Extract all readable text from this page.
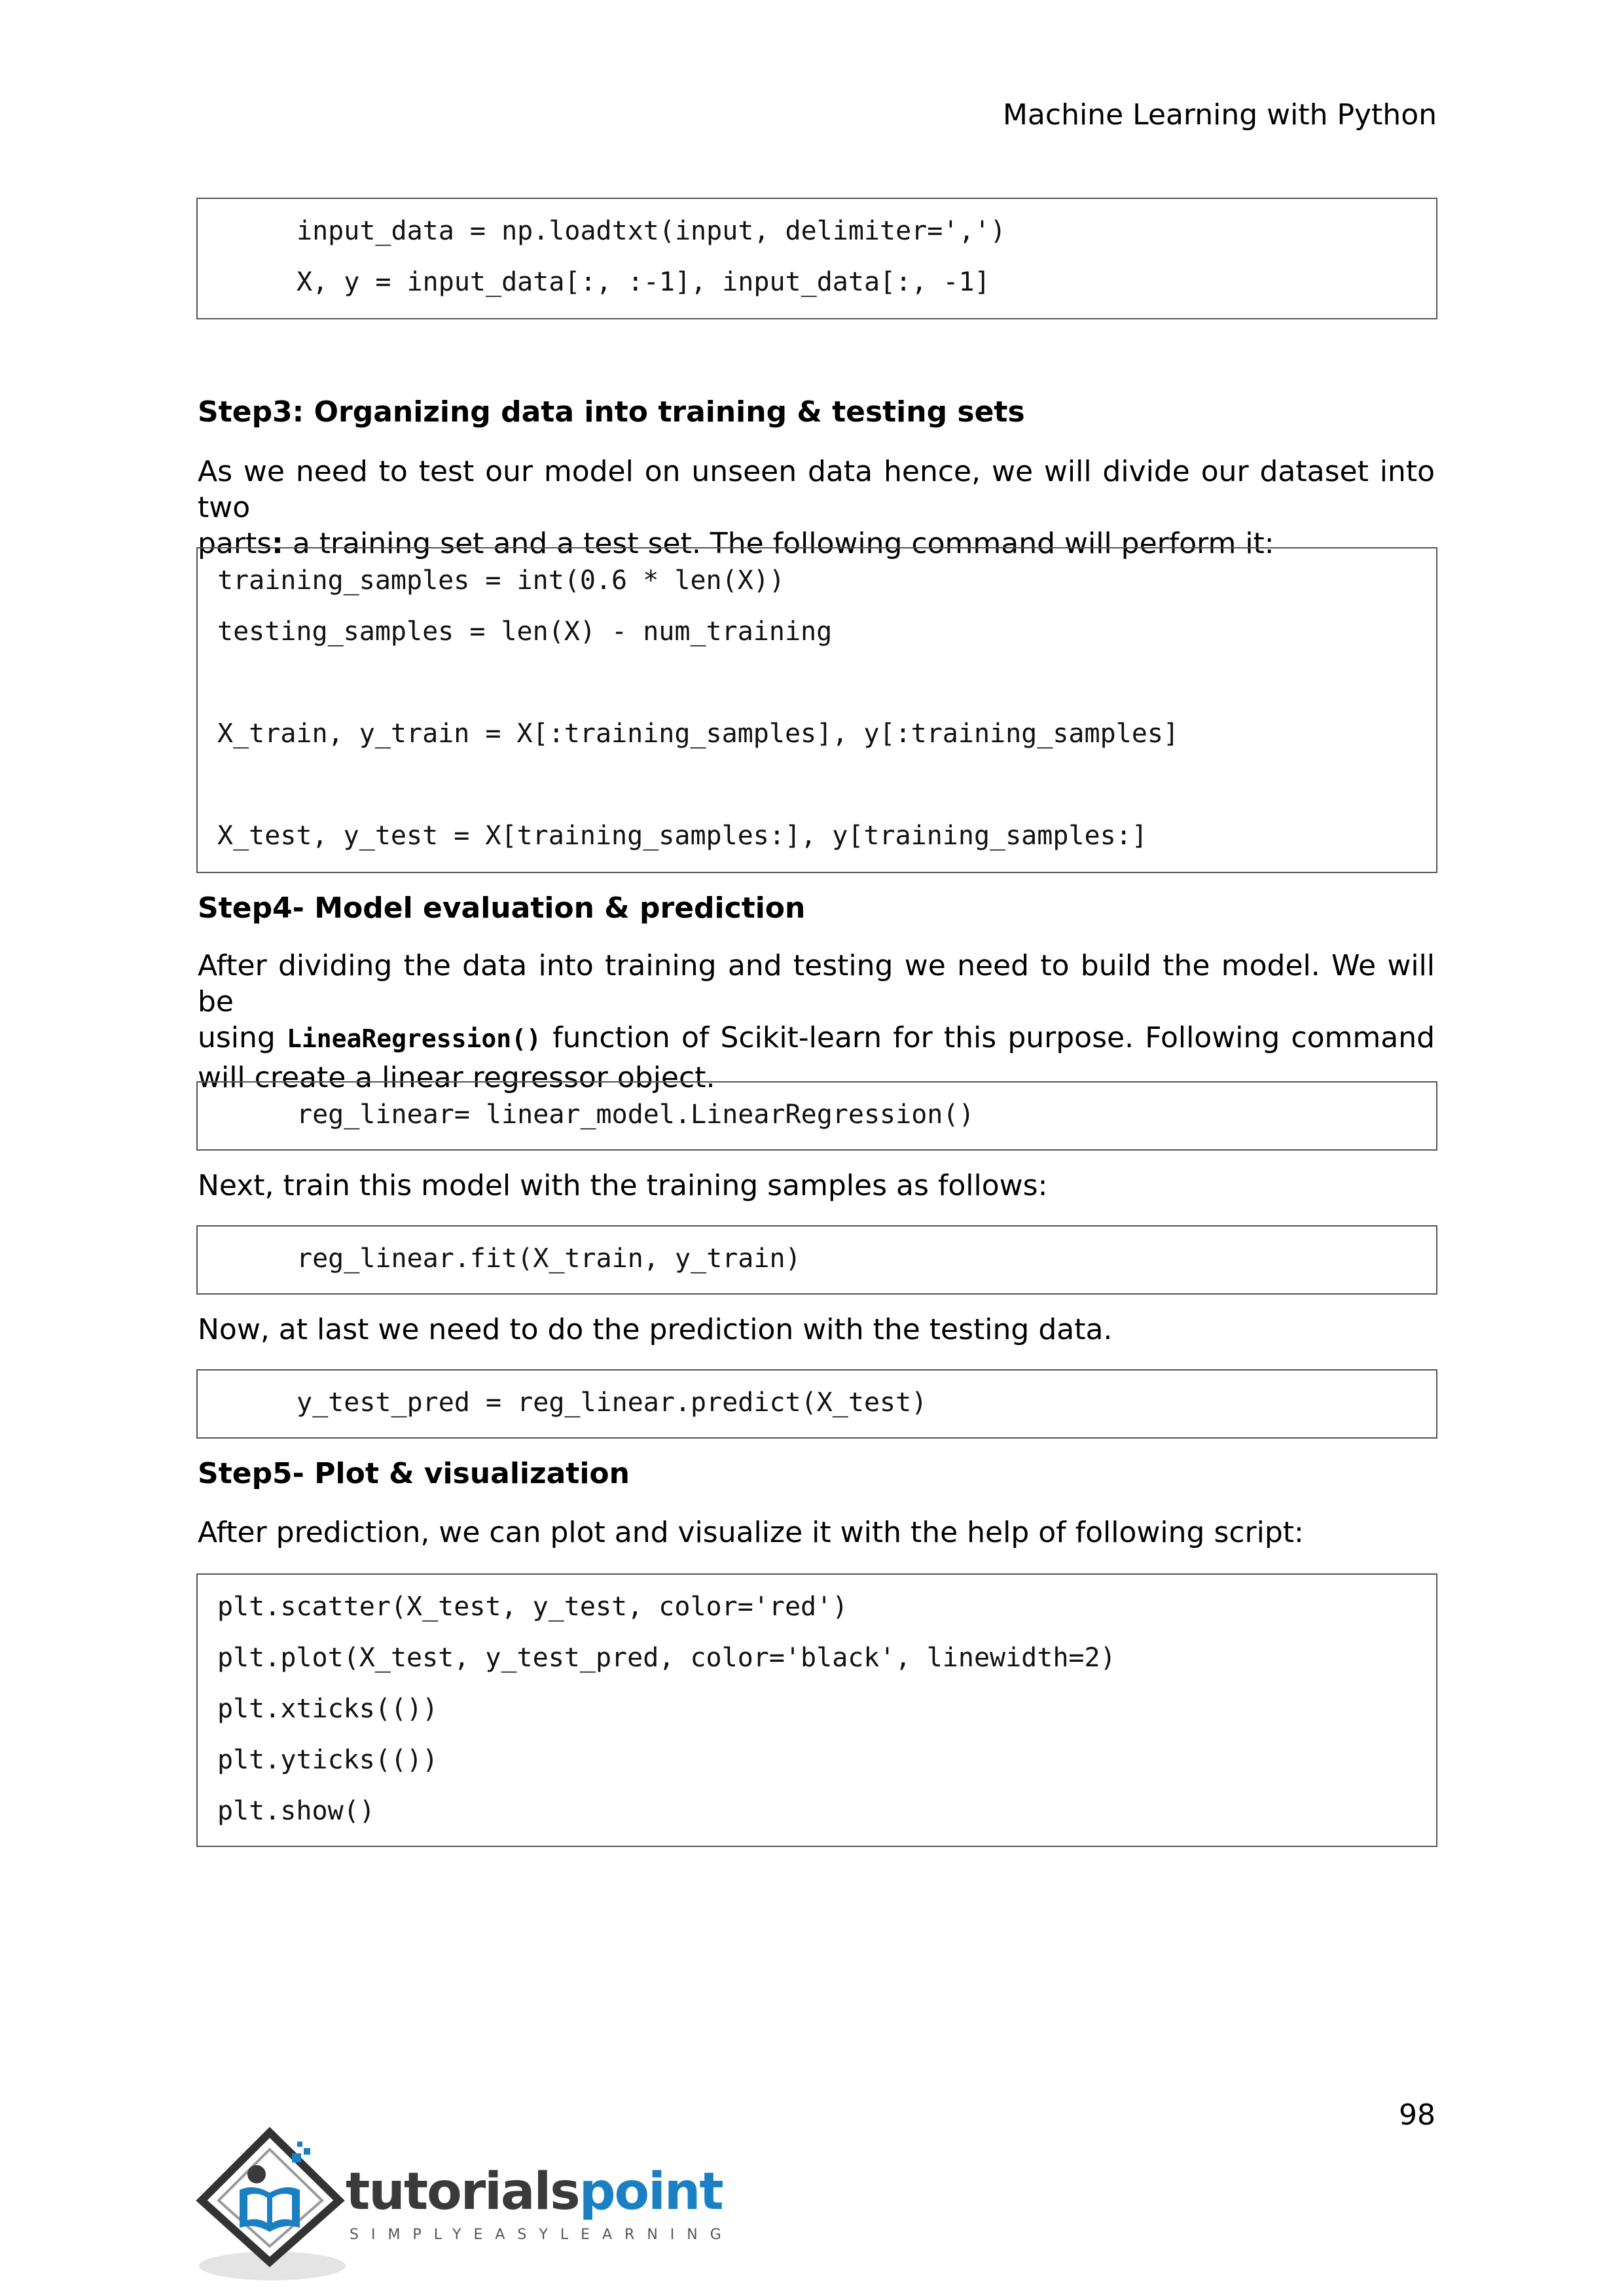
Machine Learning with Python
input_data = np.loadtxt(input, delimiter=',')
X, y = input_data[:, :-1], input_data[:, -1]
Step3: Organizing data into training & testing sets
As we need to test our model on unseen data hence, we will divide our dataset into two
parts: a training set and a test set. The following command will perform it:
training_samples = int(0.6 * len(X))
testing_samples = len(X) - num_training
X_train, y_train = X[:training_samples], y[:training_samples]
X_test, y_test = X[training_samples:], y[training_samples:]
Step4- Model evaluation & prediction
After dividing the data into training and testing we need to build the model. We will be
using LineaRegression() function of Scikit-learn for this purpose. Following command
will create a linear regressor object.
reg_linear= linear_model.LinearRegression()
Next, train this model with the training samples as follows:
reg_linear.fit(X_train, y_train)
Now, at last we need to do the prediction with the testing data.
y_test_pred = reg_linear.predict(X_test)
Step5- Plot & visualization
After prediction, we can plot and visualize it with the help of following script:
plt.scatter(X_test, y_test, color='red')
plt.plot(X_test, y_test_pred, color='black', linewidth=2)
plt.xticks(())
plt.yticks(())
plt.show()
98
tutorialspoint
SIMPLYEASYLEARNING
